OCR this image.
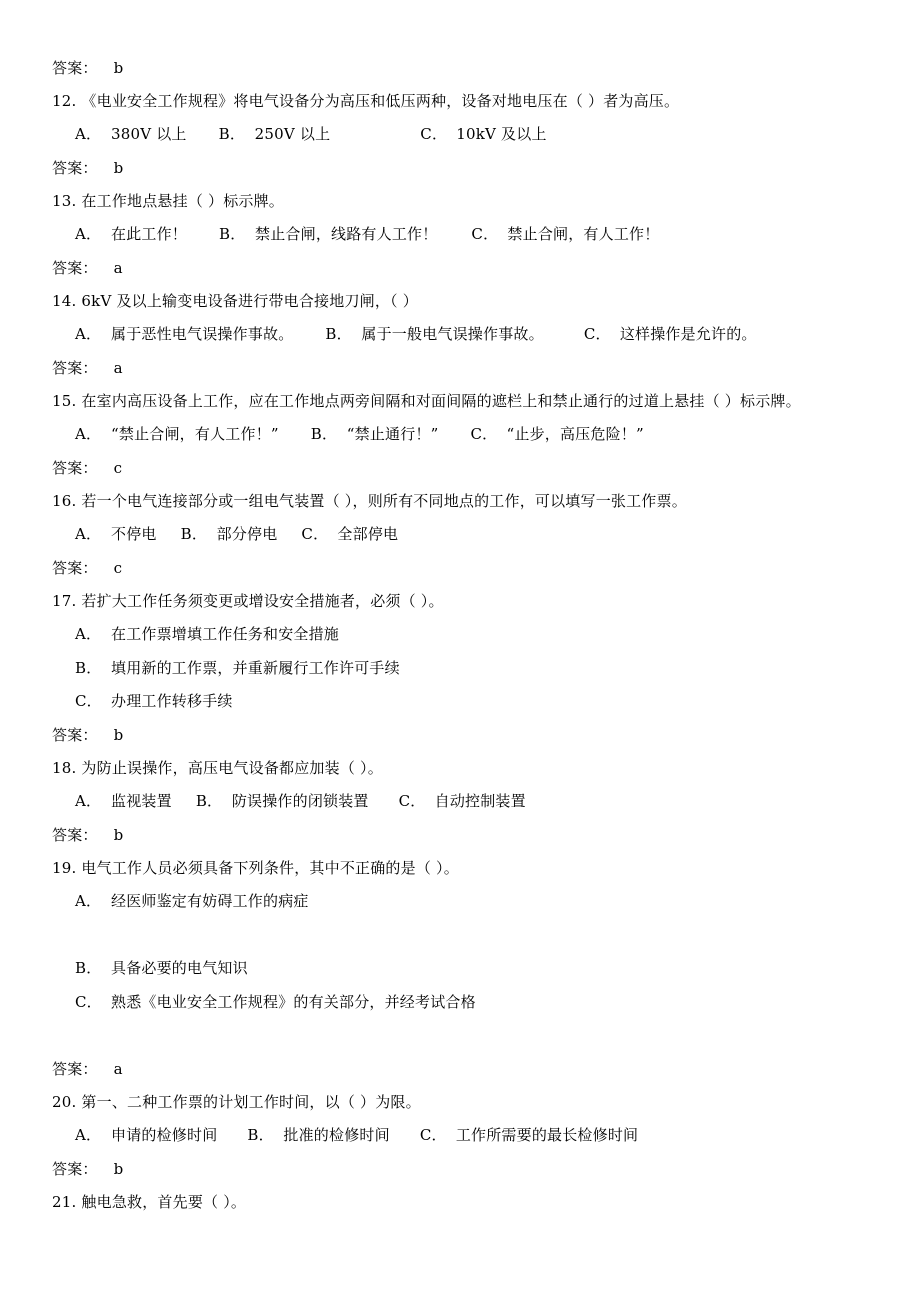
答案： b
12. 《电业安全工作规程》将电气设备分为高压和低压两种，设备对地电压在（ ）者为高压。
A． 380V 以上 B． 250V 以上	C． 10kV 及以上
答案： b
13. 在工作地点悬挂（ ）标示牌。
A． 在此工作！ B． 禁止合闸，线路有人工作！ C． 禁止合闸，有人工作！
答案： a
14. 6kV 及以上输变电设备进行带电合接地刀闸，（ ）
A． 属于恶性电气误操作事故。 B． 属于一般电气误操作事故。	C． 这样操作是允许的。
答案： a
15. 在室内高压设备上工作，应在工作地点两旁间隔和对面间隔的遮栏上和禁止通行的过道上悬挂（ ）标示牌。
A． “禁止合闸，有人工作！” B． “禁止通行！” C． “止步，高压危险！”
答案： c
16. 若一个电气连接部分或一组电气装置（ ），则所有不同地点的工作，可以填写一张工作票。
A． 不停电 B． 部分停电 C． 全部停电
答案： c
17. 若扩大工作任务须变更或增设安全措施者，必须（ ）。
A． 在工作票增填工作任务和安全措施
B． 填用新的工作票，并重新履行工作许可手续
C． 办理工作转移手续
答案： b
18. 为防止误操作，高压电气设备都应加装（ ）。
A． 监视装置 B． 防误操作的闭锁装置 C． 自动控制装置
答案： b
19. 电气工作人员必须具备下列条件，其中不正确的是（ ）。
A． 经医师鉴定有妨碍工作的病症
B． 具备必要的电气知识
C． 熟悉《电业安全工作规程》的有关部分，并经考试合格
答案： a
20. 第一、二种工作票的计划工作时间，以（ ）为限。
A． 申请的检修时间 B． 批准的检修时间 C． 工作所需要的最长检修时间
答案： b
21. 触电急救，首先要（ ）。
